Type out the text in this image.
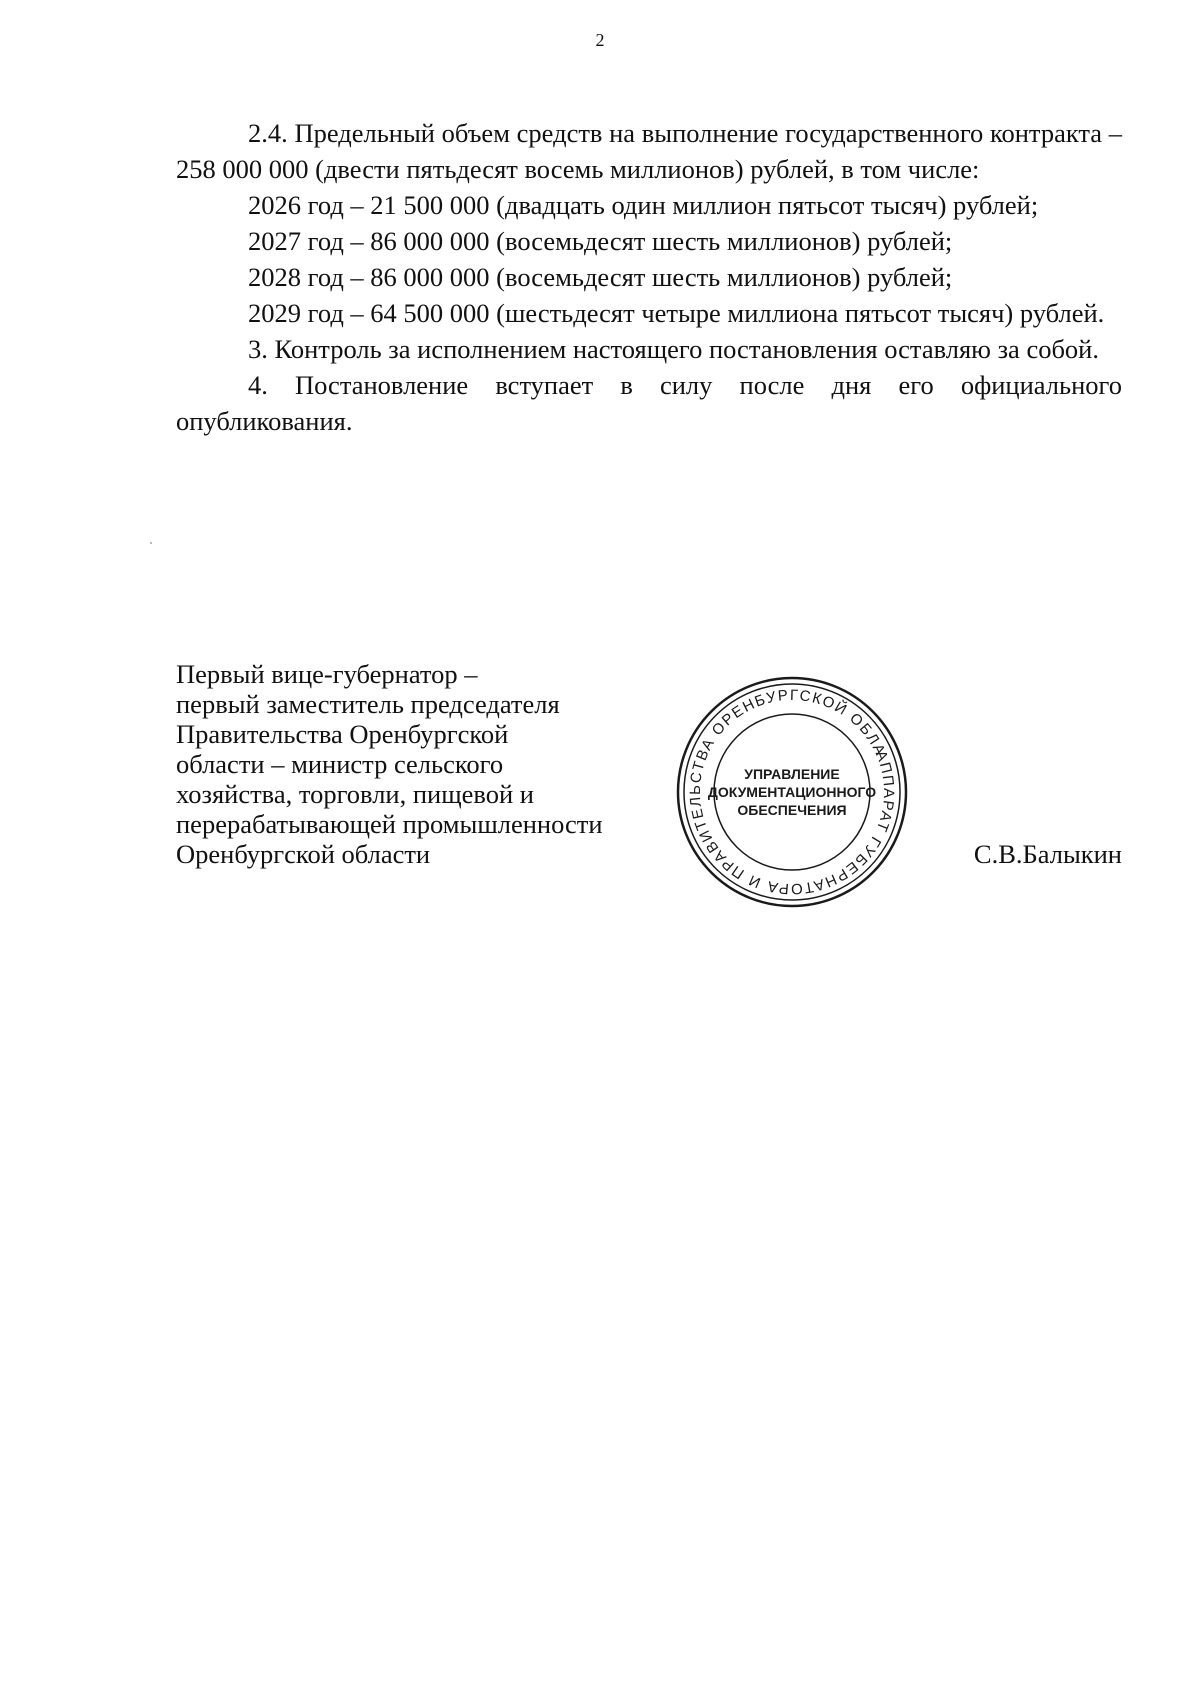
2

2.4. Предельный объем средств на выполнение государственного контракта – 258 000 000 (двести пятьдесят восемь миллионов) рублей, в том числе:

2026 год – 21 500 000 (двадцать один миллион пятьсот тысяч) рублей;

2027 год – 86 000 000 (восемьдесят шесть миллионов) рублей;

2028 год – 86 000 000 (восемьдесят шесть миллионов) рублей;

2029 год – 64 500 000 (шестьдесят четыре миллиона пятьсот тысяч) рублей.

3. Контроль за исполнением настоящего постановления оставляю за собой.

4. Постановление вступает в силу после дня его официального опубликования.

Первый вице-губернатор –
первый заместитель председателя
Правительства Оренбургской
области – министр сельского
хозяйства, торговли, пищевой и
перерабатывающей промышленности
Оренбургской области
АППАРАТ ГУБЕРНАТОРА И ПРАВИТЕЛЬСТВА ОРЕНБУРГСКОЙ ОБЛАСТИ
УПРАВЛЕНИЕ
ДОКУМЕНТАЦИОННОГО
ОБЕСПЕЧЕНИЯ
С.В.Балыкин
